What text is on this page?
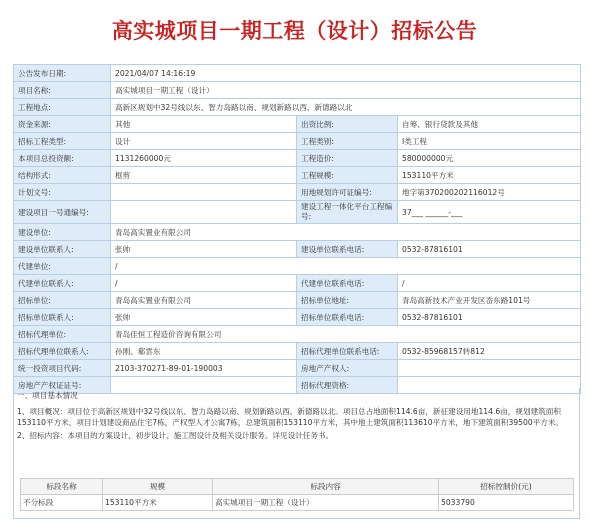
高实城项目一期工程（设计）招标公告
公告发布日期:	2021/04/07 14:16:19		
项目名称:	高实城项目一期工程（设计）		
工程地点:	高新区规划中32号线以东、智力岛路以南、规划新路以西、新德路以北		
资金来源:	其他	出资比例:	自筹、银行贷款及其他
招标工程类型:	设计	工程类别:	Ⅰ类工程
本项目总投资额:	1131260000元	工程造价:	580000000元
结构形式:	框剪	工程规模:	153110平方米
计划文号:		用地规划许可证编号:	地字第370200202116012号
建设项目一号通编号:		建设工程一体化平台工程编号:	37___ ______-___
建设单位:	青岛高实置业有限公司		
建设单位联系人:	张帅	建设单位联系电话:	0532-87816101
代建单位:	/		
代建单位联系人:	/	代建单位联系电话:	/
招标单位:	青岛高实置业有限公司	招标单位地址:	青岛高新技术产业开发区岙东路101号
招标单位联系人:	张帅	招标单位联系电话:	0532-87816101
招标代理单位:	青岛佳恒工程造价咨询有限公司		
招标代理单位联系人:	孙刚、郗雲东	招标代理单位联系电话:	0532-85968157转812
统一投资项目代码:	2103-370271-89-01-190003	房地产产权人:	
房地产产权证证号:		招标代理资格:	
一、项目基本情况
1、项目概况：项目位于高新区规划中32号线以东、智力岛路以南、规划新路以西、新德路以北。项目总占地面积114.6亩，新征建设用地114.6亩，规划建筑面积153110平方米，项目计划建设商品住宅7栋，产权型人才公寓7栋，总建筑面积153110平方米，其中地上建筑面积113610平方米，地下建筑面积39500平方米。
2、招标内容：本项目的方案设计、初步设计、施工图设计及相关设计服务。详见设计任务书。
标段名称	规模	标段内容	招标控制价(元)
不分标段	153110平方米	高实城项目一期工程（设计）	5033790
